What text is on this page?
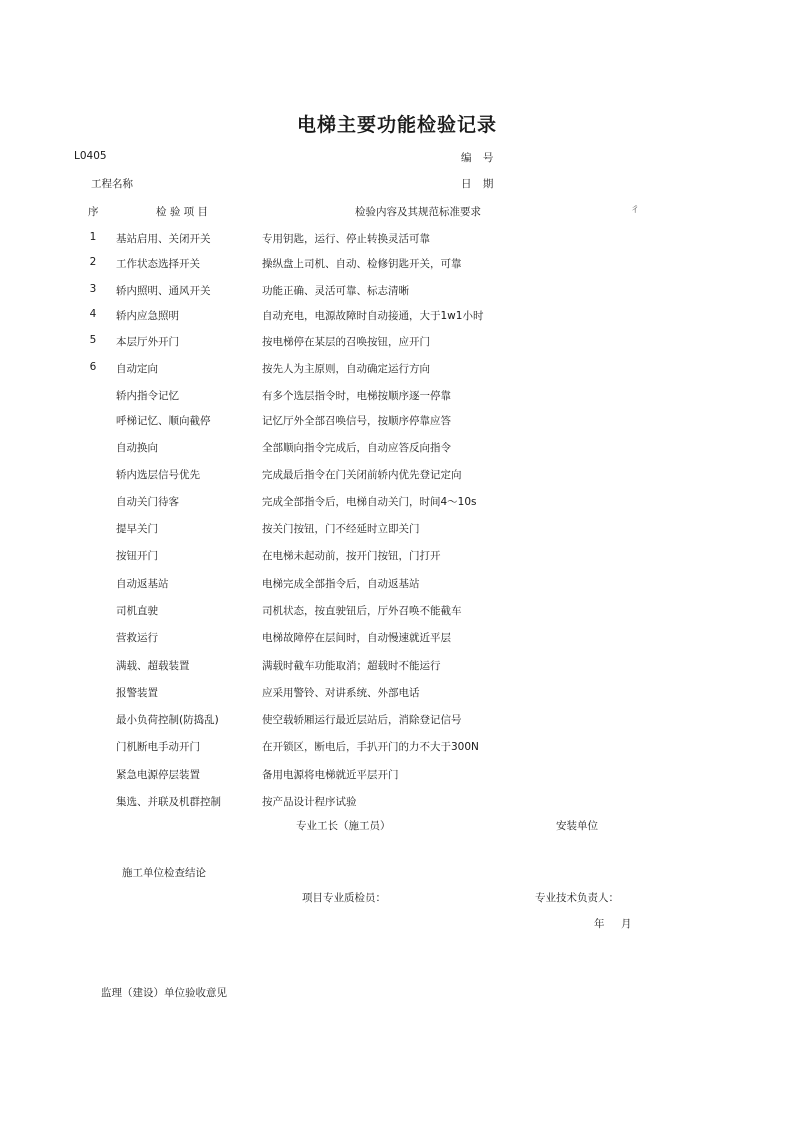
电梯主要功能检验记录
L0405	编 号
工程名称	日 期
序	检 验 项 目	检验内容及其规范标准要求	彳
1 基站启用、关闭开关	专用钥匙，运行、停止转换灵活可靠
2 工作状态选择开关	操纵盘上司机、自动、检修钥匙开关，可靠
3 轿内照明、通风开关	功能正确、灵活可靠、标志清晰
4 轿内应急照明	自动充电，电源故障时自动接通，大于1w1小时
5 本层厅外开门	按电梯停在某层的召唤按钮，应开门
6 自动定向	按先人为主原则，自动确定运行方向
轿内指令记忆	有多个选层指令时，电梯按顺序逐一停靠
呼梯记忆、顺向截停	记忆厅外全部召唤信号，按顺序停靠应答
自动换向	全部顺向指令完成后，自动应答反向指令
轿内选层信号优先	完成最后指令在门关闭前轿内优先登记定向
自动关门待客	完成全部指令后，电梯自动关门，时间4～10s
提早关门	按关门按钮，门不经延时立即关门
按钮开门	在电梯未起动前，按开门按钮，门打开
自动返基站	电梯完成全部指令后，自动返基站
司机直驶	司机状态，按直驶钮后，厅外召唤不能截车
营救运行	电梯故障停在层间时，自动慢速就近平层
满载、超载装置	满载时截车功能取消；超载时不能运行
报警装置	应采用警铃、对讲系统、外部电话
最小负荷控制(防捣乱)	使空载轿厢运行最近层站后，消除登记信号
门机断电手动开门	在开锁区，断电后，手扒开门的力不大于300N
紧急电源停层装置	备用电源将电梯就近平层开门
集选、并联及机群控制	按产品设计程序试验
专业工长（施工员）	安装单位
施工单位检查结论
项目专业质检员：	专业技术负责人：
年 月
监理（建设）单位验收意见
